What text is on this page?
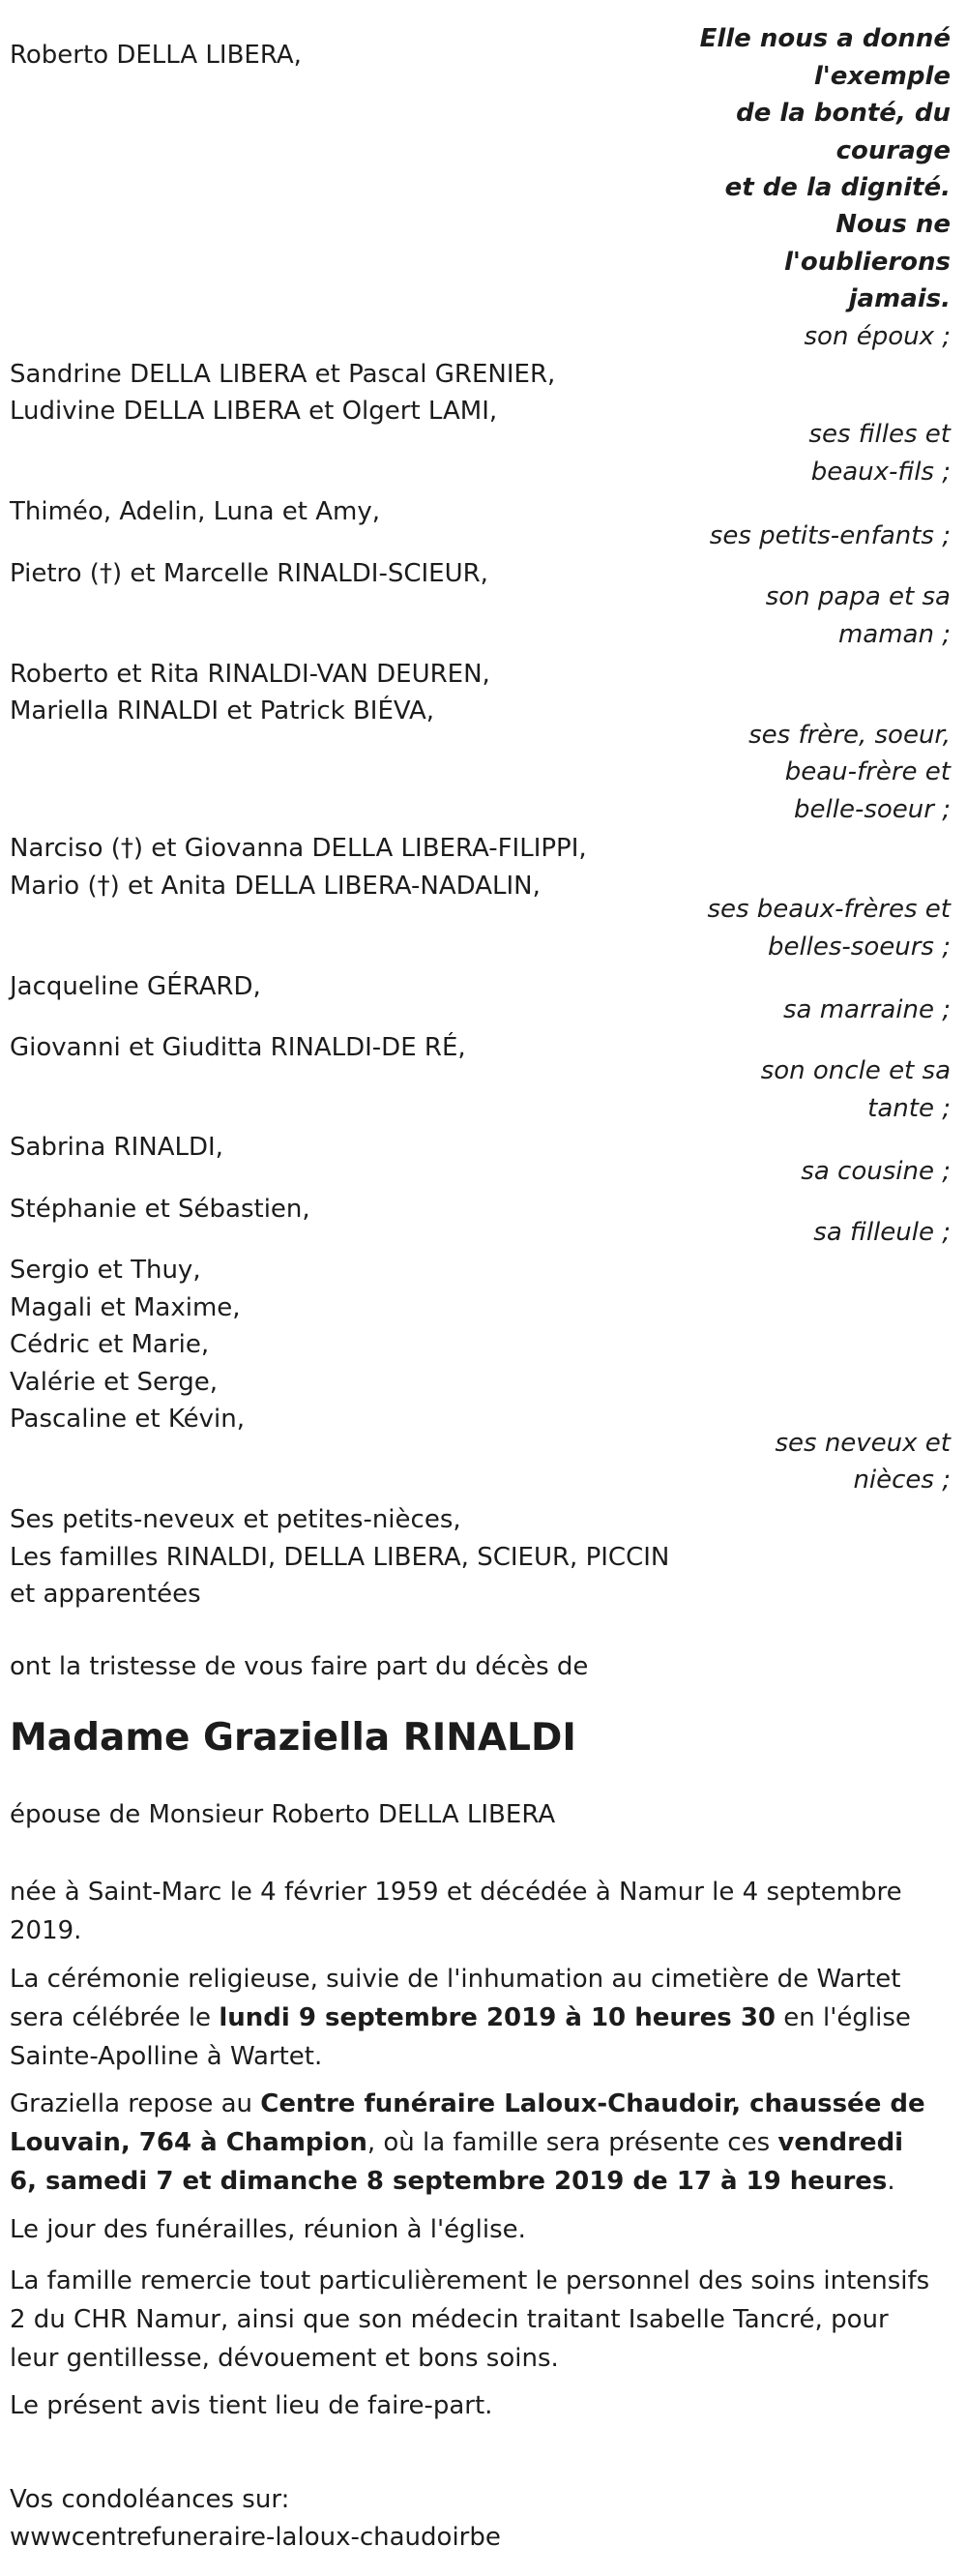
Elle nous a donné
l'exemple
de la bonté, du
courage
et de la dignité.
Nous ne
l'oublierons
jamais.
Roberto DELLA LIBERA,
son époux ;
Sandrine DELLA LIBERA et Pascal GRENIER,
Ludivine DELLA LIBERA et Olgert LAMI,
ses filles et
beaux-fils ;
Thiméo, Adelin, Luna et Amy,
ses petits-enfants ;
Pietro (†) et Marcelle RINALDI-SCIEUR,
son papa et sa
maman ;
Roberto et Rita RINALDI-VAN DEUREN,
Mariella RINALDI et Patrick BIÉVA,
ses frère, soeur,
beau-frère et
belle-soeur ;
Narciso (†) et Giovanna DELLA LIBERA-FILIPPI,
Mario (†) et Anita DELLA LIBERA-NADALIN,
ses beaux-frères et
belles-soeurs ;
Jacqueline GÉRARD,
sa marraine ;
Giovanni et Giuditta RINALDI-DE RÉ,
son oncle et sa
tante ;
Sabrina RINALDI,
sa cousine ;
Stéphanie et Sébastien,
sa filleule ;
Sergio et Thuy,
Magali et Maxime,
Cédric et Marie,
Valérie et Serge,
Pascaline et Kévin,
ses neveux et
nièces ;
Ses petits-neveux et petites-nièces,
Les familles RINALDI, DELLA LIBERA, SCIEUR, PICCIN
et apparentées
ont la tristesse de vous faire part du décès de
Madame Graziella RINALDI
épouse de Monsieur Roberto DELLA LIBERA
née à Saint-Marc le 4 février 1959 et décédée à Namur le 4 septembre 2019.
La cérémonie religieuse, suivie de l'inhumation au cimetière de Wartet sera célébrée le lundi 9 septembre 2019 à 10 heures 30 en l'église Sainte-Apolline à Wartet.
Graziella repose au Centre funéraire Laloux-Chaudoir, chaussée de Louvain, 764 à Champion, où la famille sera présente ces vendredi 6, samedi 7 et dimanche 8 septembre 2019 de 17 à 19 heures.
Le jour des funérailles, réunion à l'église.
La famille remercie tout particulièrement le personnel des soins intensifs 2 du CHR Namur, ainsi que son médecin traitant Isabelle Tancré, pour leur gentillesse, dévouement et bons soins.
Le présent avis tient lieu de faire-part.
Vos condoléances sur:
wwwcentrefuneraire-laloux-chaudoirbe
